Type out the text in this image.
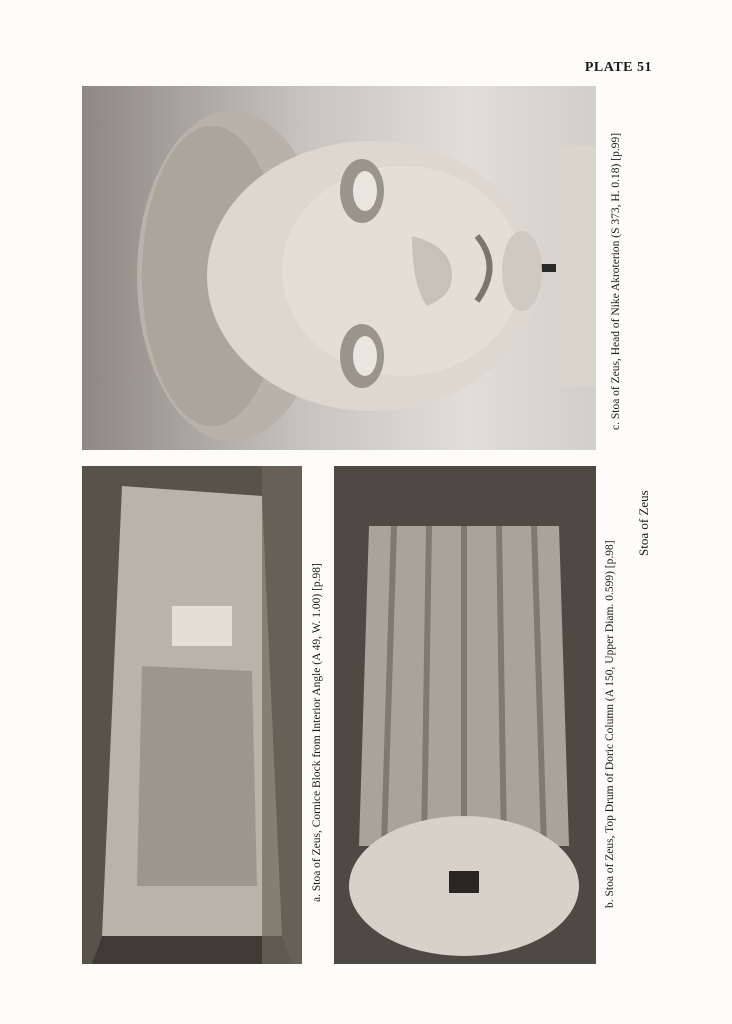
PLATE 51
a. Stoa of Zeus, Cornice Block from Interior Angle (A 49, W. 1.00) [p.98]	b. Stoa of Zeus, Top Drum of Doric Column (A 150, Upper Diam. 0.599) [p.98]
c. Stoa of Zeus, Head of Nike Akroterion (S 373, H. 0.18) [p.99]
Stoa of Zeus
